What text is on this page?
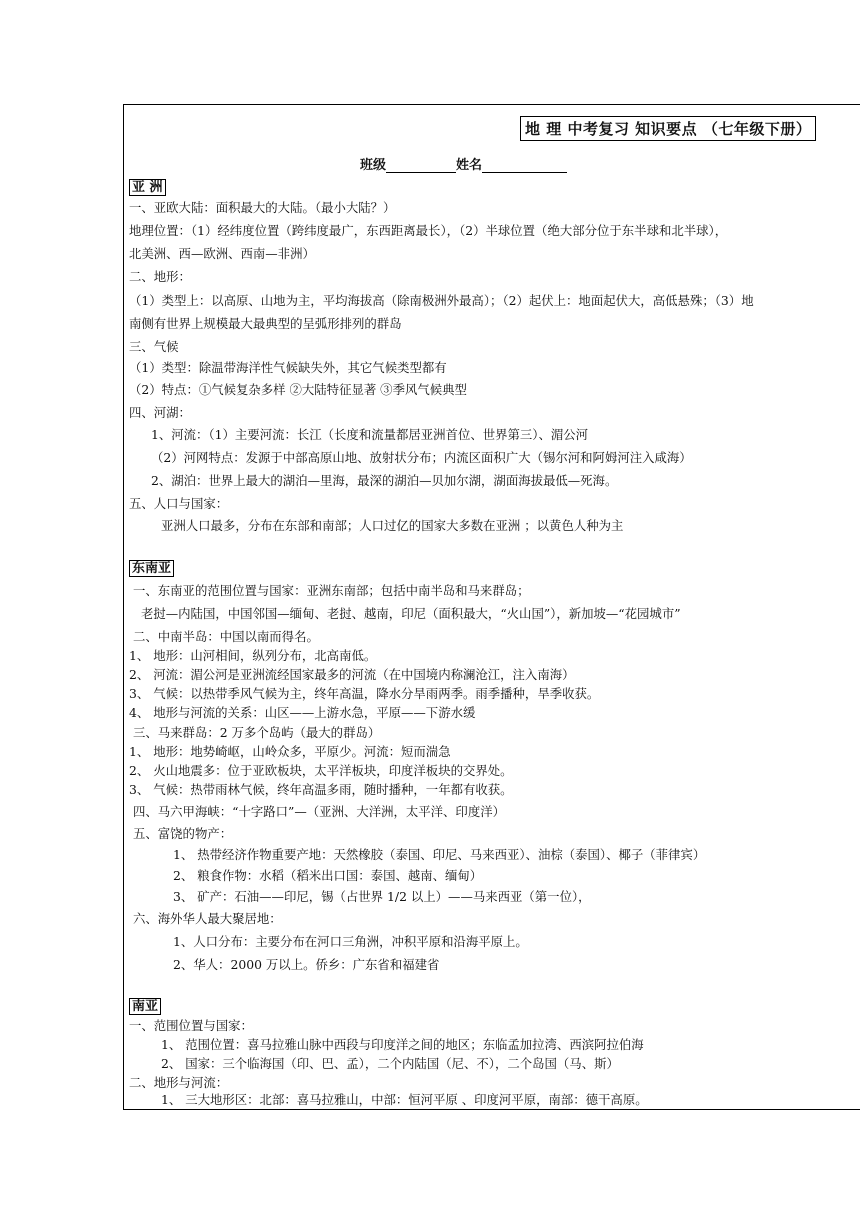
地 理 中考复习 知识要点 （七年级下册）
班级	姓名
亚 洲
一、亚欧大陆：面积最大的大陆。（最小大陆？）
地理位置：（1）经纬度位置（跨纬度最广，东西距离最长），（2）半球位置（绝大部分位于东半球和北半球），
北美洲、西—欧洲、西南—非洲）
二、地形：
（1）类型上：以高原、山地为主，平均海拔高（除南极洲外最高）；（2）起伏上：地面起伏大，高低悬殊；（3）地
南侧有世界上规模最大最典型的呈弧形排列的群岛
三、气候
（1）类型：除温带海洋性气候缺失外，其它气候类型都有
（2）特点：①气候复杂多样 ②大陆特征显著 ③季风气候典型
四、河湖：
1、河流：（1）主要河流：长江（长度和流量都居亚洲首位、世界第三）、湄公河
（2）河网特点：发源于中部高原山地、放射状分布；内流区面积广大（锡尔河和阿姆河注入咸海）
2、湖泊：世界上最大的湖泊—里海，最深的湖泊—贝加尔湖，湖面海拔最低—死海。
五、人口与国家：
亚洲人口最多，分布在东部和南部；人口过亿的国家大多数在亚洲 ；以黄色人种为主
东南亚
一、东南亚的范围位置与国家：亚洲东南部；包括中南半岛和马来群岛；
老挝—内陆国，中国邻国—缅甸、老挝、越南，印尼（面积最大，“火山国”），新加坡—“花园城市”
二、中南半岛：中国以南而得名。
1、 地形：山河相间，纵列分布，北高南低。
2、 河流：湄公河是亚洲流经国家最多的河流（在中国境内称澜沧江，注入南海）
3、 气候：以热带季风气候为主，终年高温，降水分旱雨两季。雨季播种，旱季收获。
4、 地形与河流的关系：山区——上游水急，平原——下游水缓
三、马来群岛：2 万多个岛屿（最大的群岛）
1、 地形：地势崎岖，山岭众多，平原少。河流：短而湍急
2、 火山地震多：位于亚欧板块，太平洋板块，印度洋板块的交界处。
3、 气候：热带雨林气候，终年高温多雨，随时播种，一年都有收获。
四、马六甲海峡：“十字路口”—（亚洲、大洋洲，太平洋、印度洋）
五、富饶的物产：
1、 热带经济作物重要产地：天然橡胶（泰国、印尼、马来西亚）、油棕（泰国）、椰子（菲律宾）
2、 粮食作物：水稻（稻米出口国：泰国、越南、缅甸）
3、 矿产：石油——印尼，锡（占世界 1/2 以上）——马来西亚（第一位），
六、海外华人最大聚居地：
1、人口分布：主要分布在河口三角洲，冲积平原和沿海平原上。
2、华人：2000 万以上。侨乡：广东省和福建省
南亚
一、范围位置与国家：
1、 范围位置：喜马拉雅山脉中西段与印度洋之间的地区；东临孟加拉湾、西滨阿拉伯海
2、 国家：三个临海国（印、巴、孟），二个内陆国（尼、不），二个岛国（马、斯）
二、地形与河流：
1、 三大地形区：北部：喜马拉雅山，中部：恒河平原 、印度河平原，南部：德干高原。
